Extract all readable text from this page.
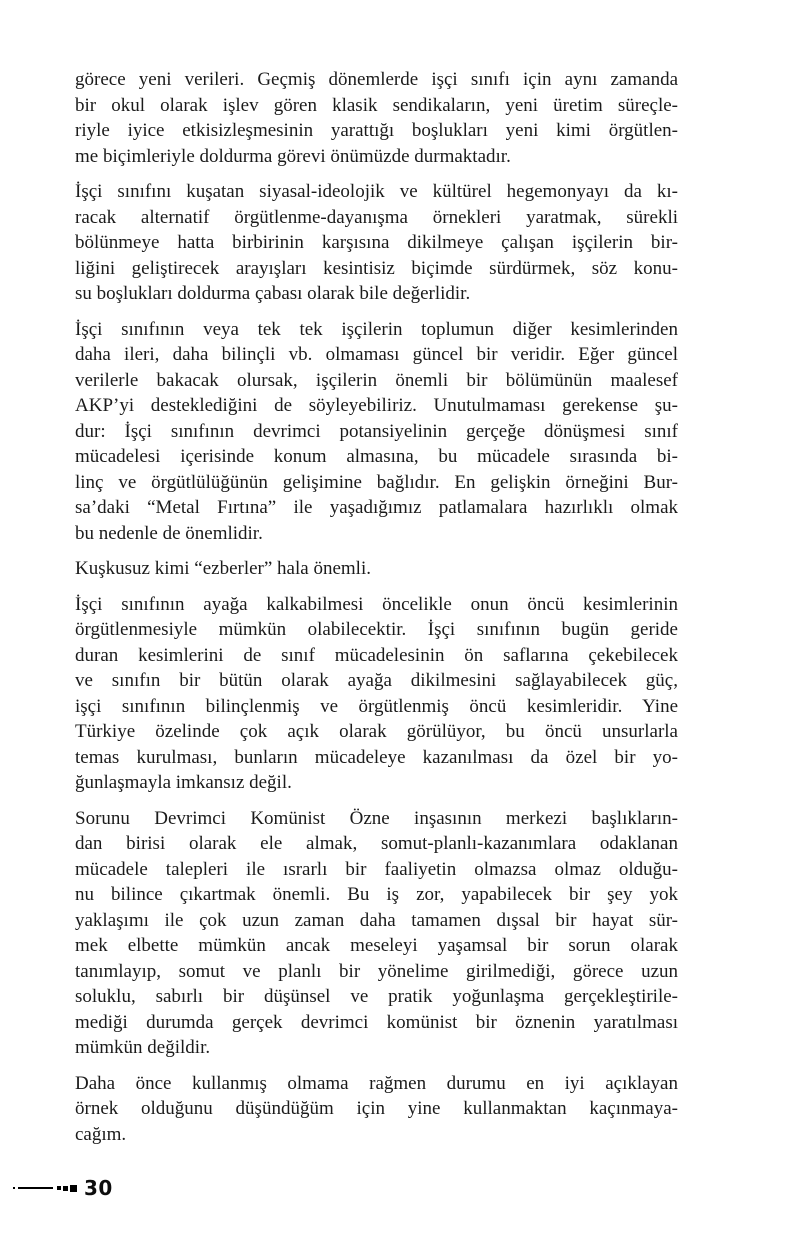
görece yeni verileri. Geçmiş dönemlerde işçi sınıfı için aynı zamanda
bir okul olarak işlev gören klasik sendikaların, yeni üretim süreçle-
riyle iyice etkisizleşmesinin yarattığı boşlukları yeni kimi örgütlen-
me biçimleriyle doldurma görevi önümüzde durmaktadır.
İşçi sınıfını kuşatan siyasal-ideolojik ve kültürel hegemonyayı da kı-
racak alternatif örgütlenme-dayanışma örnekleri yaratmak, sürekli
bölünmeye hatta birbirinin karşısına dikilmeye çalışan işçilerin bir-
liğini geliştirecek arayışları kesintisiz biçimde sürdürmek, söz konu-
su boşlukları doldurma çabası olarak bile değerlidir.
İşçi sınıfının veya tek tek işçilerin toplumun diğer kesimlerinden
daha ileri, daha bilinçli vb. olmaması güncel bir veridir. Eğer güncel
verilerle bakacak olursak, işçilerin önemli bir bölümünün maalesef
AKP’yi desteklediğini de söyleyebiliriz. Unutulmaması gerekense şu-
dur: İşçi sınıfının devrimci potansiyelinin gerçeğe dönüşmesi sınıf
mücadelesi içerisinde konum almasına, bu mücadele sırasında bi-
linç ve örgütlülüğünün gelişimine bağlıdır. En gelişkin örneğini Bur-
sa’daki “Metal Fırtına” ile yaşadığımız patlamalara hazırlıklı olmak
bu nedenle de önemlidir.
Kuşkusuz kimi “ezberler” hala önemli.
İşçi sınıfının ayağa kalkabilmesi öncelikle onun öncü kesimlerinin
örgütlenmesiyle mümkün olabilecektir. İşçi sınıfının bugün geride
duran kesimlerini de sınıf mücadelesinin ön saflarına çekebilecek
ve sınıfın bir bütün olarak ayağa dikilmesini sağlayabilecek güç,
işçi sınıfının bilinçlenmiş ve örgütlenmiş öncü kesimleridir. Yine
Türkiye özelinde çok açık olarak görülüyor, bu öncü unsurlarla
temas kurulması, bunların mücadeleye kazanılması da özel bir yo-
ğunlaşmayla imkansız değil.
Sorunu Devrimci Komünist Özne inşasının merkezi başlıkların-
dan birisi olarak ele almak, somut-planlı-kazanımlara odaklanan
mücadele talepleri ile ısrarlı bir faaliyetin olmazsa olmaz olduğu-
nu bilince çıkartmak önemli. Bu iş zor, yapabilecek bir şey yok
yaklaşımı ile çok uzun zaman daha tamamen dışsal bir hayat sür-
mek elbette mümkün ancak meseleyi yaşamsal bir sorun olarak
tanımlayıp, somut ve planlı bir yönelime girilmediği, görece uzun
soluklu, sabırlı bir düşünsel ve pratik yoğunlaşma gerçekleştirile-
mediği durumda gerçek devrimci komünist bir öznenin yaratılması
mümkün değildir.
Daha önce kullanmış olmama rağmen durumu en iyi açıklayan
örnek olduğunu düşündüğüm için yine kullanmaktan kaçınmaya-
cağım.
30
